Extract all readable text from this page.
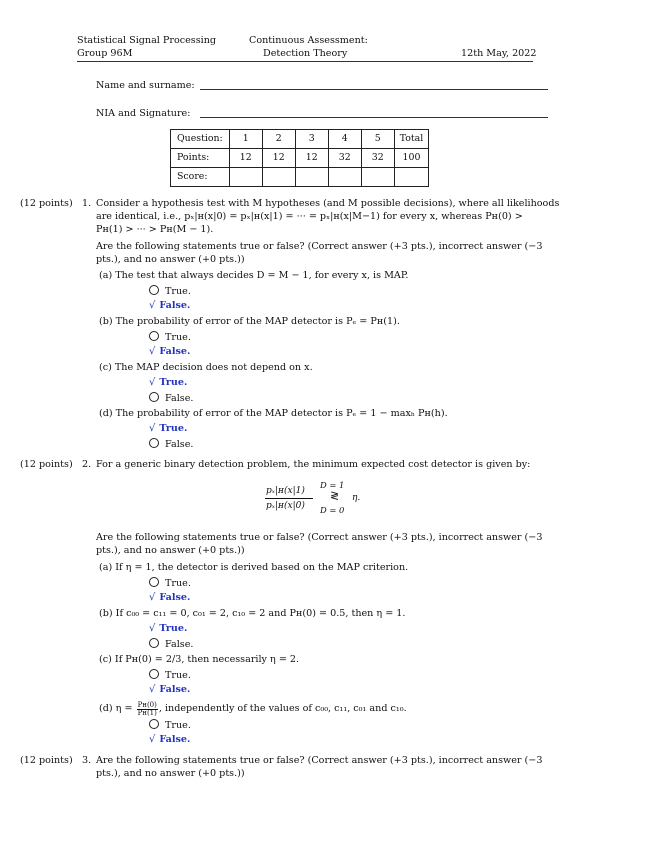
Statistical Signal Processing
Group 96M
Continuous Assessment:
Detection Theory	12th May, 2022
Name and surname:
NIA and Signature:
Question:	1	2	3	4	5	Total
Points:	12	12	12	32	32	100
Score:						
(12 points) 1. Consider a hypothesis test with M hypotheses (and M possible decisions), where all likelihoods
are identical, i.e., pₓ|ʜ(x|0) = pₓ|ʜ(x|1) = ··· = pₓ|ʜ(x|M−1) for every x, whereas Pʜ(0) >
Pʜ(1) > ··· > Pʜ(M − 1).
Are the following statements true or false? (Correct answer (+3 pts.), incorrect answer (−3
pts.), and no answer (+0 pts.))
(a) The test that always decides D = M − 1, for every x, is MAP.
True.
√ False.
(b) The probability of error of the MAP detector is Pₑ = Pʜ(1).
True.
√ False.
(c) The MAP decision does not depend on x.
√ True.
False.
(d) The probability of error of the MAP detector is Pₑ = 1 − maxₕ Pʜ(h).
√ True.
False.
(12 points) 2. For a generic binary detection problem, the minimum expected cost detector is given by:
pₓ|ʜ(x|1)
pₓ|ʜ(x|0)
D = 1
≷
D = 0
η.
Are the following statements true or false? (Correct answer (+3 pts.), incorrect answer (−3
pts.), and no answer (+0 pts.))
(a) If η = 1, the detector is derived based on the MAP criterion.
True.
√ False.
(b) If c₀₀ = c₁₁ = 0, c₀₁ = 2, c₁₀ = 2 and Pʜ(0) = 0.5, then η = 1.
√ True.
False.
(c) If Pʜ(0) = 2/3, then necessarily η = 2.
True.
√ False.
(d) $\eta = \frac{\text{Pʜ(0)}}{\text{Pʜ(1)}}$ , independently of the values of c₀₀, c₁₁, c₀₁ and c₁₀.
True.
√ False.
(12 points) 3. Are the following statements true or false? (Correct answer (+3 pts.), incorrect answer (−3
pts.), and no answer (+0 pts.))
